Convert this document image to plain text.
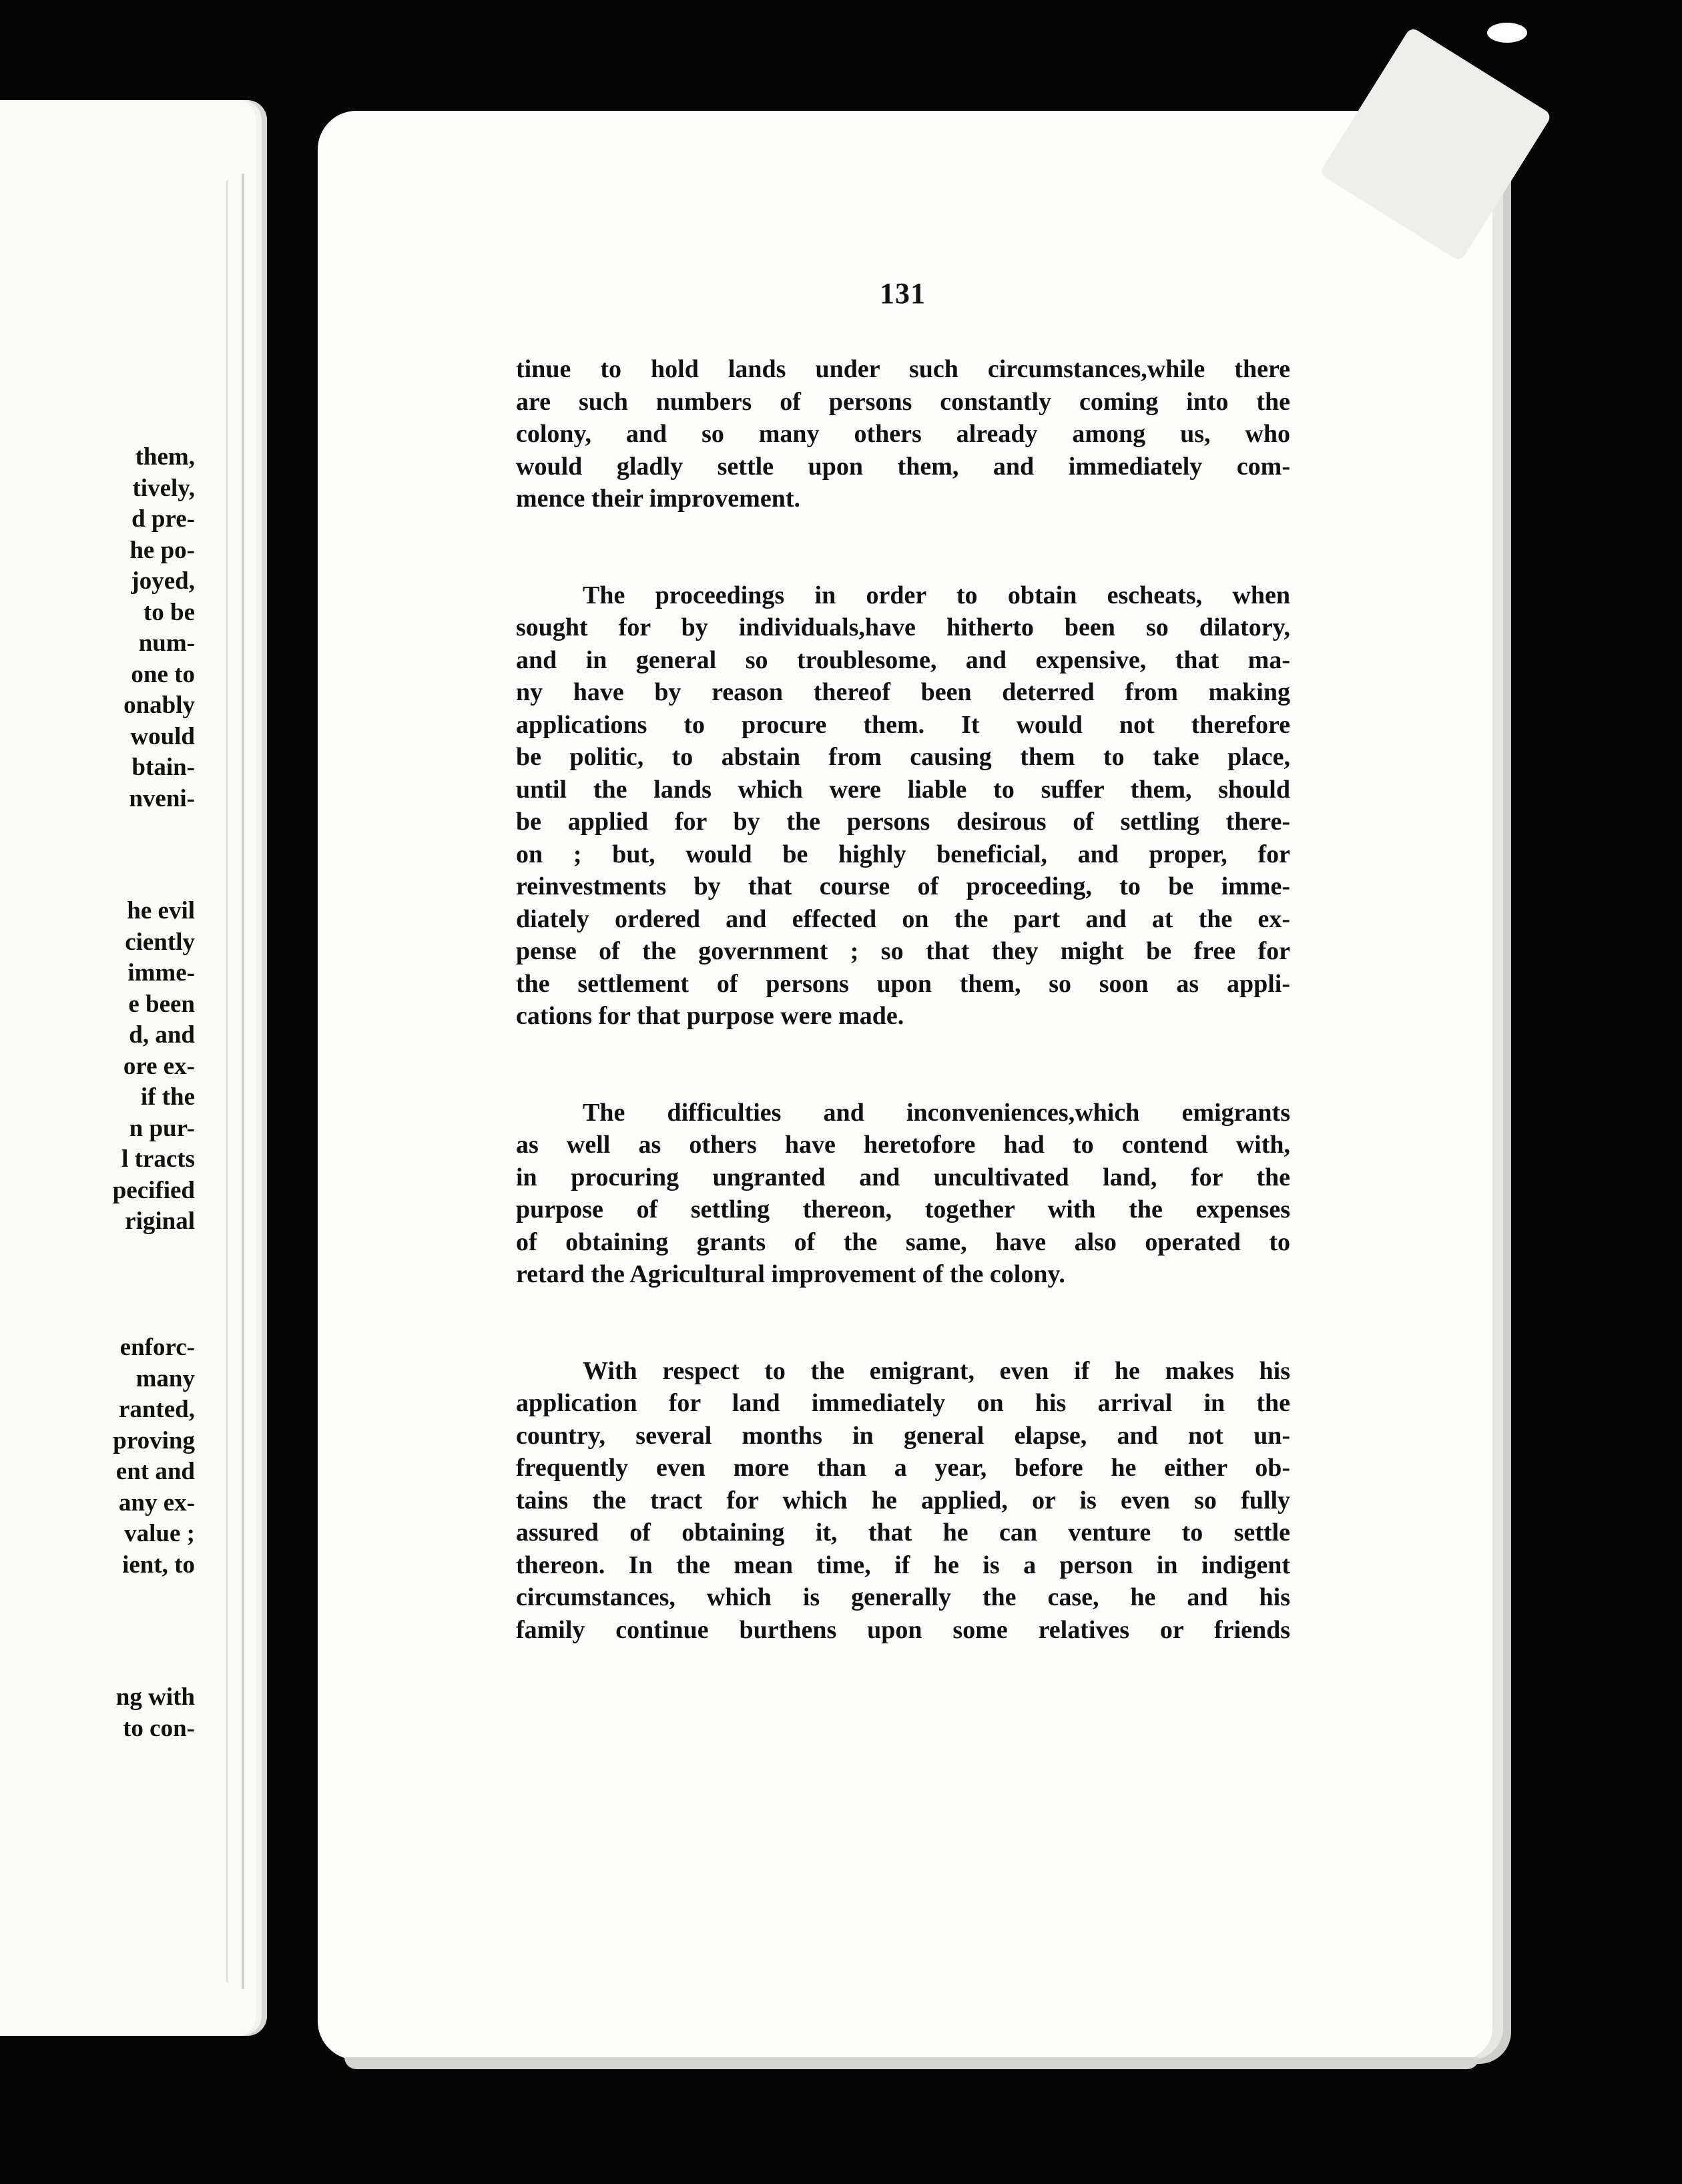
them,
tively,
d pre-
he po-
joyed,
to be
num-
one to
onably
would
btain-
nveni-
he evil
ciently
imme-
e been
d, and
ore ex-
if the
n pur-
l tracts
pecified
riginal
enforc-
many
ranted,
proving
ent and
any ex-
value ;
ient, to
ng with
to con-
131
tinue to hold lands under such circumstances,while there
are such numbers of persons constantly coming into the
colony, and so many others already among us, who
would gladly settle upon them, and immediately com-
mence their improvement.
The proceedings in order to obtain escheats, when
sought for by individuals,have hitherto been so dilatory,
and in general so troublesome, and expensive, that ma-
ny have by reason thereof been deterred from making
applications to procure them. It would not therefore
be politic, to abstain from causing them to take place,
until the lands which were liable to suffer them, should
be applied for by the persons desirous of settling there-
on ; but, would be highly beneficial, and proper, for
reinvestments by that course of proceeding, to be imme-
diately ordered and effected on the part and at the ex-
pense of the government ; so that they might be free for
the settlement of persons upon them, so soon as appli-
cations for that purpose were made.
The difficulties and inconveniences,which emigrants
as well as others have heretofore had to contend with,
in procuring ungranted and uncultivated land, for the
purpose of settling thereon, together with the expenses
of obtaining grants of the same, have also operated to
retard the Agricultural improvement of the colony.
With respect to the emigrant, even if he makes his
application for land immediately on his arrival in the
country, several months in general elapse, and not un-
frequently even more than a year, before he either ob-
tains the tract for which he applied, or is even so fully
assured of obtaining it, that he can venture to settle
thereon. In the mean time, if he is a person in indigent
circumstances, which is generally the case, he and his
family continue burthens upon some relatives or friends
